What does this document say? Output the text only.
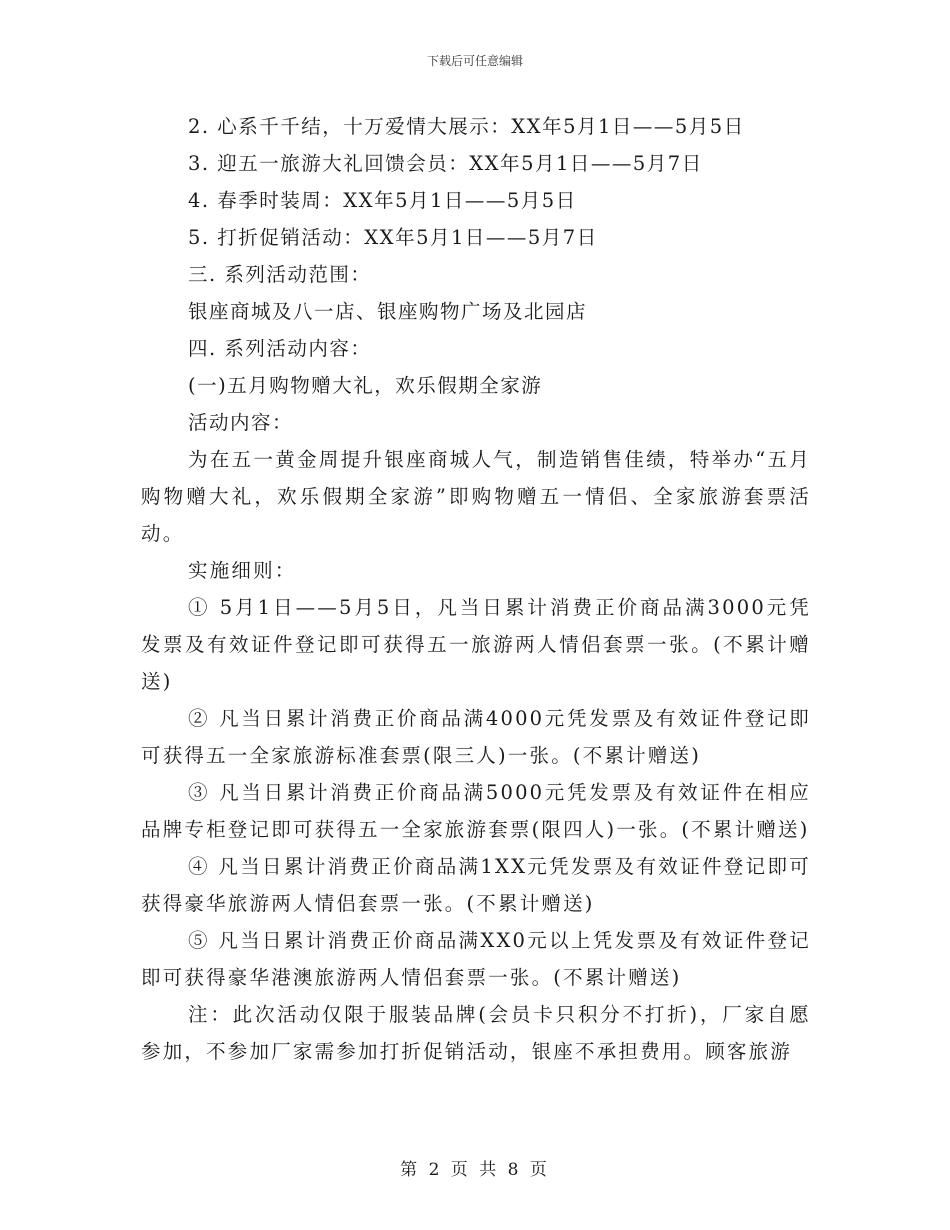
下载后可任意编辑
2. 心系千千结，十万爱情大展示：XX年5月1日——5月5日
3. 迎五一旅游大礼回馈会员：XX年5月1日——5月7日
4. 春季时装周：XX年5月1日——5月5日
5. 打折促销活动：XX年5月1日——5月7日
三. 系列活动范围：
银座商城及八一店、银座购物广场及北园店
四. 系列活动内容：
(一)五月购物赠大礼，欢乐假期全家游
活动内容：

为在五一黄金周提升银座商城人气，制造销售佳绩，特举办“五月购物赠大礼，欢乐假期全家游”即购物赠五一情侣、全家旅游套票活动。

实施细则：

① 5月1日——5月5日，凡当日累计消费正价商品满3000元凭发票及有效证件登记即可获得五一旅游两人情侣套票一张。(不累计赠送)

② 凡当日累计消费正价商品满4000元凭发票及有效证件登记即可获得五一全家旅游标准套票(限三人)一张。(不累计赠送)

③ 凡当日累计消费正价商品满5000元凭发票及有效证件在相应品牌专柜登记即可获得五一全家旅游套票(限四人)一张。(不累计赠送)

④ 凡当日累计消费正价商品满1XX元凭发票及有效证件登记即可获得豪华旅游两人情侣套票一张。(不累计赠送)

⑤ 凡当日累计消费正价商品满XX0元以上凭发票及有效证件登记即可获得豪华港澳旅游两人情侣套票一张。(不累计赠送)

注：此次活动仅限于服装品牌(会员卡只积分不打折)，厂家自愿参加，不参加厂家需参加打折促销活动，银座不承担费用。顾客旅游

第 2 页 共 8 页
